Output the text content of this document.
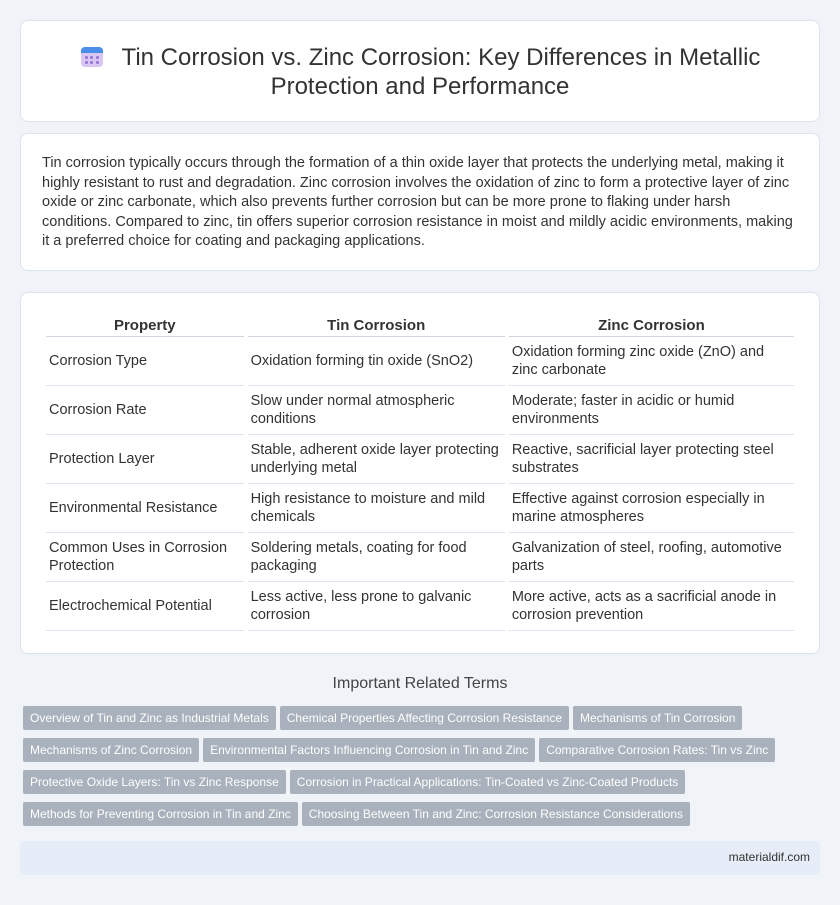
Tin Corrosion vs. Zinc Corrosion: Key Differences in Metallic Protection and Performance

Tin corrosion typically occurs through the formation of a thin oxide layer that protects the underlying metal, making it highly resistant to rust and degradation. Zinc corrosion involves the oxidation of zinc to form a protective layer of zinc oxide or zinc carbonate, which also prevents further corrosion but can be more prone to flaking under harsh conditions. Compared to zinc, tin offers superior corrosion resistance in moist and mildly acidic environments, making it a preferred choice for coating and packaging applications.

Property	Tin Corrosion	Zinc Corrosion
Corrosion Type	Oxidation forming tin oxide (SnO2)	Oxidation forming zinc oxide (ZnO) and zinc carbonate
Corrosion Rate	Slow under normal atmospheric conditions	Moderate; faster in acidic or humid environments
Protection Layer	Stable, adherent oxide layer protecting underlying metal	Reactive, sacrificial layer protecting steel substrates
Environmental Resistance	High resistance to moisture and mild chemicals	Effective against corrosion especially in marine atmospheres
Common Uses in Corrosion Protection	Soldering metals, coating for food packaging	Galvanization of steel, roofing, automotive parts
Electrochemical Potential	Less active, less prone to galvanic corrosion	More active, acts as a sacrificial anode in corrosion prevention
Important Related Terms
Overview of Tin and Zinc as Industrial Metals Chemical Properties Affecting Corrosion Resistance Mechanisms of Tin Corrosion
Mechanisms of Zinc Corrosion Environmental Factors Influencing Corrosion in Tin and Zinc Comparative Corrosion Rates: Tin vs Zinc
Protective Oxide Layers: Tin vs Zinc Response Corrosion in Practical Applications: Tin-Coated vs Zinc-Coated Products
Methods for Preventing Corrosion in Tin and Zinc Choosing Between Tin and Zinc: Corrosion Resistance Considerations
materialdif.com
